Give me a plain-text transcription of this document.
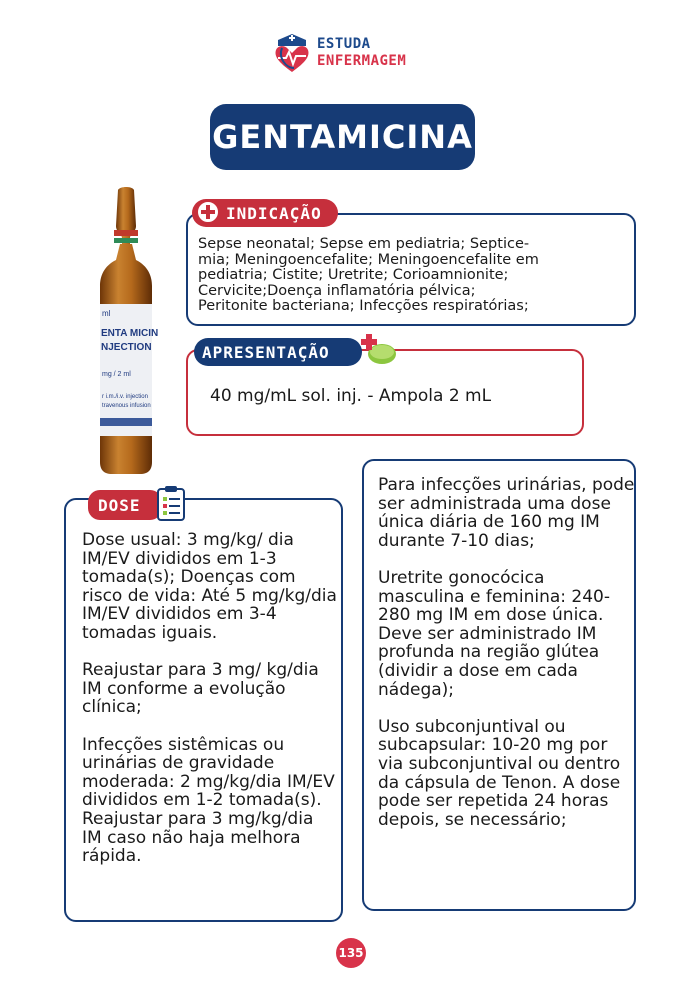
ESTUDA
ENFERMAGEM
GENTAMICINA
ml
ENTA MICIN
NJECTION
mg / 2 ml
r i.m./i.v. injection
travenous infusion
INDICAÇÃO
Sepse neonatal; Sepse em pediatria; Septice-
mia; Meningoencefalite; Meningoencefalite em
pediatria; Cistite; Uretrite; Corioamnionite;
Cervicite;Doença inflamatória pélvica;
Peritonite bacteriana; Infecções respiratórias;
APRESENTAÇÃO
40 mg/mL sol. inj. - Ampola 2 mL
DOSE

Dose usual: 3 mg/kg/ dia IM/EV divididos em 1-3 tomada(s); Doenças com risco de vida: Até 5 mg/kg/dia IM/EV divididos em 3-4 tomadas iguais.

Reajustar para 3 mg/ kg/dia IM conforme a evolução clínica;

Infecções sistêmicas ou urinárias de gravidade moderada: 2 mg/kg/dia IM/EV divididos em 1-2 tomada(s). Reajustar para 3 mg/kg/dia IM caso não haja melhora rápida.

Para infecções urinárias, pode ser administrada uma dose única diária de 160 mg IM durante 7-10 dias;

Uretrite gonocócica masculina e feminina: 240-280 mg IM em dose única. Deve ser administrado IM profunda na região glútea (dividir a dose em cada nádega);

Uso subconjuntival ou subcapsular: 10-20 mg por via subconjuntival ou dentro da cápsula de Tenon. A dose pode ser repetida 24 horas depois, se necessário;

135
